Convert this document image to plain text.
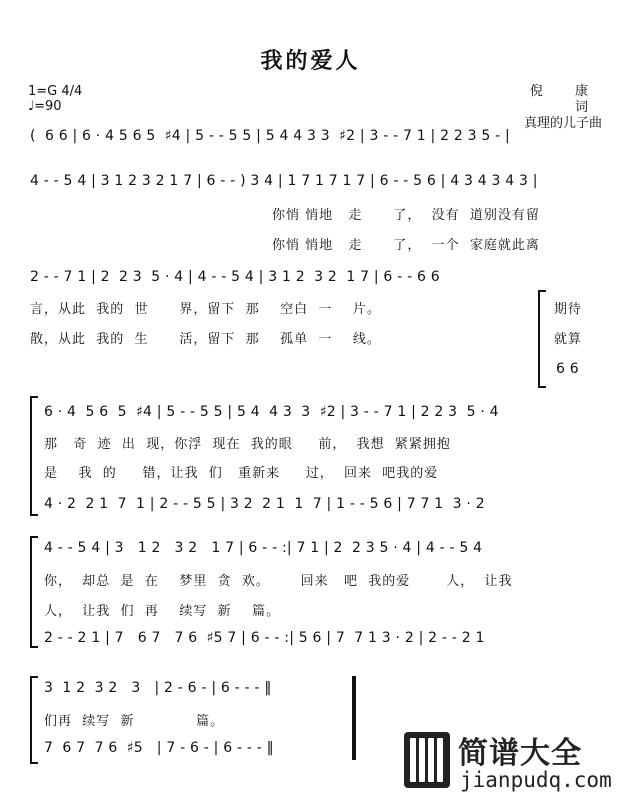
我的爱人
1=G 4/4
♩=90
倪 康词
真理的儿子曲
(  6 6 | 6 · 4 5 6 5  ♯4 | 5 - - 5 5 | 5 4 4 3 3  ♯2 | 3 - - 7 1 | 2 2 3 5 - |
4 - - 5 4 | 3 1 2 3 2 1 7 | 6 - - ) 3 4 | 1 7 1 7 1 7 | 6 - - 5 6 | 4 3 4 3 4 3 |
你悄 悄地   走      了，  没有  道别没有留
你悄 悄地   走      了，  一个  家庭就此离
2 - - 7 1 | 2  2 3  5 · 4 | 4 - - 5 4 | 3 1 2  3 2  1 7 | 6 - - 6 6
言，从此  我的  世      界，留下  那    空白  一    片。
散，从此  我的  生      活，留下  那    孤单  一    线。
期待
就算
6 6
6 · 4  5 6  5  ♯4 | 5 - - 5 5 | 5 4  4 3  3  ♯2 | 3 - - 7 1 | 2 2 3  5 · 4
那   奇  迹  出  现，你浮  现在  我的眼     前，  我想  紧紧拥抱
是    我  的     错，让我  们   重新来     过，  回来  吧我的爱
4 · 2  2 1  7  1 | 2 - - 5 5 | 3 2  2 1  1  7 | 1 - - 5 6 | 7 7 1  3 · 2
4 - - 5 4 | 3   1 2   3 2   1 7 | 6 - - :| 7 1 | 2  2 3 5 · 4 | 4 - - 5 4
你，  却总  是  在    梦里  贪  欢。      回来   吧  我的爱       人，  让我
人，  让我  们  再    续写  新    篇。
2 - - 2 1 | 7   6 7   7 6  ♯5 7 | 6 - - :| 5 6 | 7  7 1 3 · 2 | 2 - - 2 1
3  1 2  3 2   3   | 2 - 6 - | 6 - - - ‖
们再  续写  新            篇。
7  6 7  7 6  ♯5   | 7 - 6 - | 6 - - - ‖	简谱大全
jianpudq.com
